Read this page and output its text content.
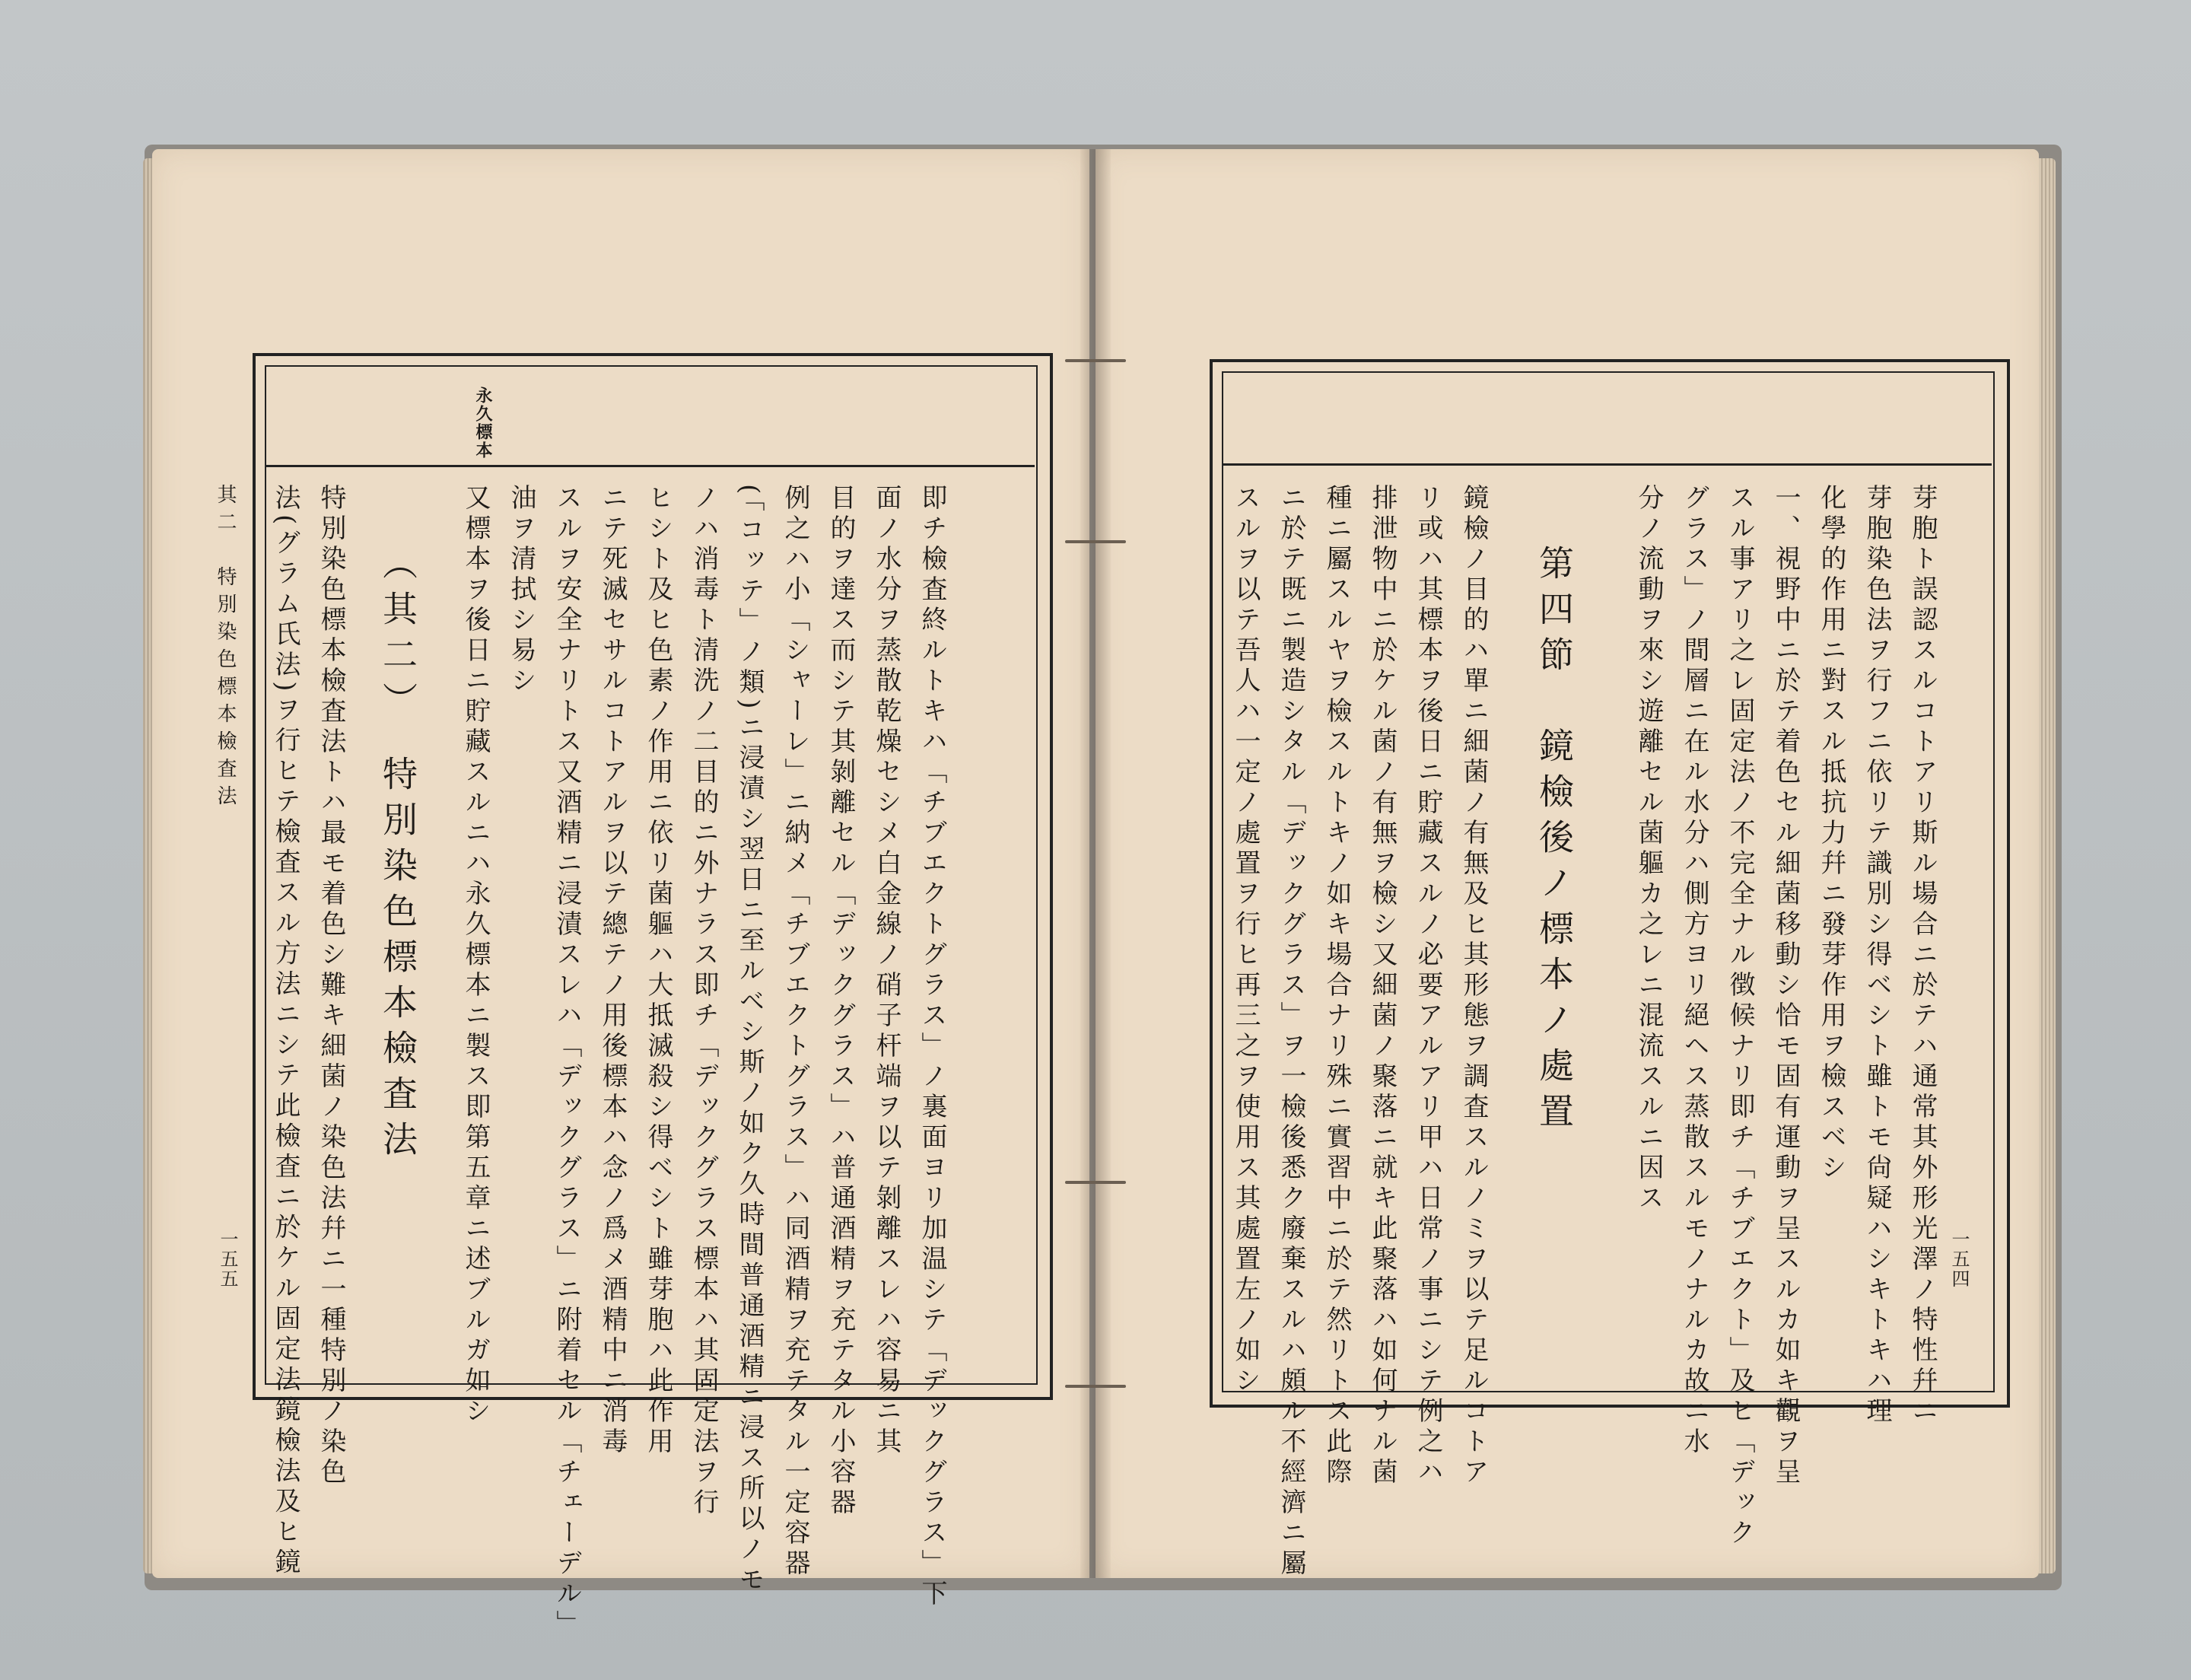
其二　特別染色標本檢査法
一五五
永久標本
即チ檢査終ルトキハ「チブエクトグラス」ノ裏面ヨリ加温シテ「デックグラス」下
面ノ水分ヲ蒸散乾燥セシメ白金線ノ硝子杆端ヲ以テ剝離スレハ容易ニ其
目的ヲ達ス而シテ其剝離セル「デックグラス」ハ普通酒精ヲ充テタル小容器
例之ハ小「シャーレ」ニ納メ「チブエクトグラス」ハ同酒精ヲ充テタル一定容器
(「コッテ」ノ類)ニ浸漬シ翌日ニ至ルベシ斯ノ如ク久時間普通酒精ニ浸ス所以ノモ
ノハ消毒ト清洗ノ二目的ニ外ナラス即チ「デックグラス標本ハ其固定法ヲ行
ヒシト及ヒ色素ノ作用ニ依リ菌軀ハ大抵滅殺シ得ベシト雖芽胞ハ此作用
ニテ死滅セサルコトアルヲ以テ總テノ用後標本ハ念ノ爲メ酒精中ニ消毒
スルヲ安全ナリトス又酒精ニ浸漬スレハ「デックグラス」ニ附着セル「チェーデル」
油ヲ清拭シ易シ
又標本ヲ後日ニ貯藏スルニハ永久標本ニ製ス即第五章ニ述ブルガ如シ
（其二）　特別染色標本檢査法
特別染色標本檢査法トハ最モ着色シ難キ細菌ノ染色法幷ニ一種特別ノ染色
法(グラム氏法)ヲ行ヒテ檢査スル方法ニシテ此檢査ニ於ケル固定法鏡檢法及ヒ鏡	一五四
芽胞ト誤認スルコトアリ斯ル場合ニ於テハ通常其外形光澤ノ特性幷ニ
芽胞染色法ヲ行フニ依リテ識別シ得ベシト雖トモ尙疑ハシキトキハ理
化學的作用ニ對スル抵抗力幷ニ發芽作用ヲ檢スベシ
一、視野中ニ於テ着色セル細菌移動シ恰モ固有運動ヲ呈スルカ如キ觀ヲ呈
スル事アリ之レ固定法ノ不完全ナル徴候ナリ即チ「チブエクト」及ヒ「デック
グラス」ノ間層ニ在ル水分ハ側方ヨリ絕ヘス蒸散スルモノナルカ故ニ水
分ノ流動ヲ來シ遊離セル菌軀カ之レニ混流スルニ因ス
第四節　鏡檢後ノ標本ノ處置
鏡檢ノ目的ハ單ニ細菌ノ有無及ヒ其形態ヲ調査スルノミヲ以テ足ルコトア
リ或ハ其標本ヲ後日ニ貯藏スルノ必要アルアリ甲ハ日常ノ事ニシテ例之ハ
排泄物中ニ於ケル菌ノ有無ヲ檢シ又細菌ノ聚落ニ就キ此聚落ハ如何ナル菌
種ニ屬スルヤヲ檢スルトキノ如キ場合ナリ殊ニ實習中ニ於テ然リトス此際
ニ於テ既ニ製造シタル「デックグラス」ヲ一檢後悉ク廢棄スルハ頗ル不經濟ニ屬
スルヲ以テ吾人ハ一定ノ處置ヲ行ヒ再三之ヲ使用ス其處置左ノ如シ
